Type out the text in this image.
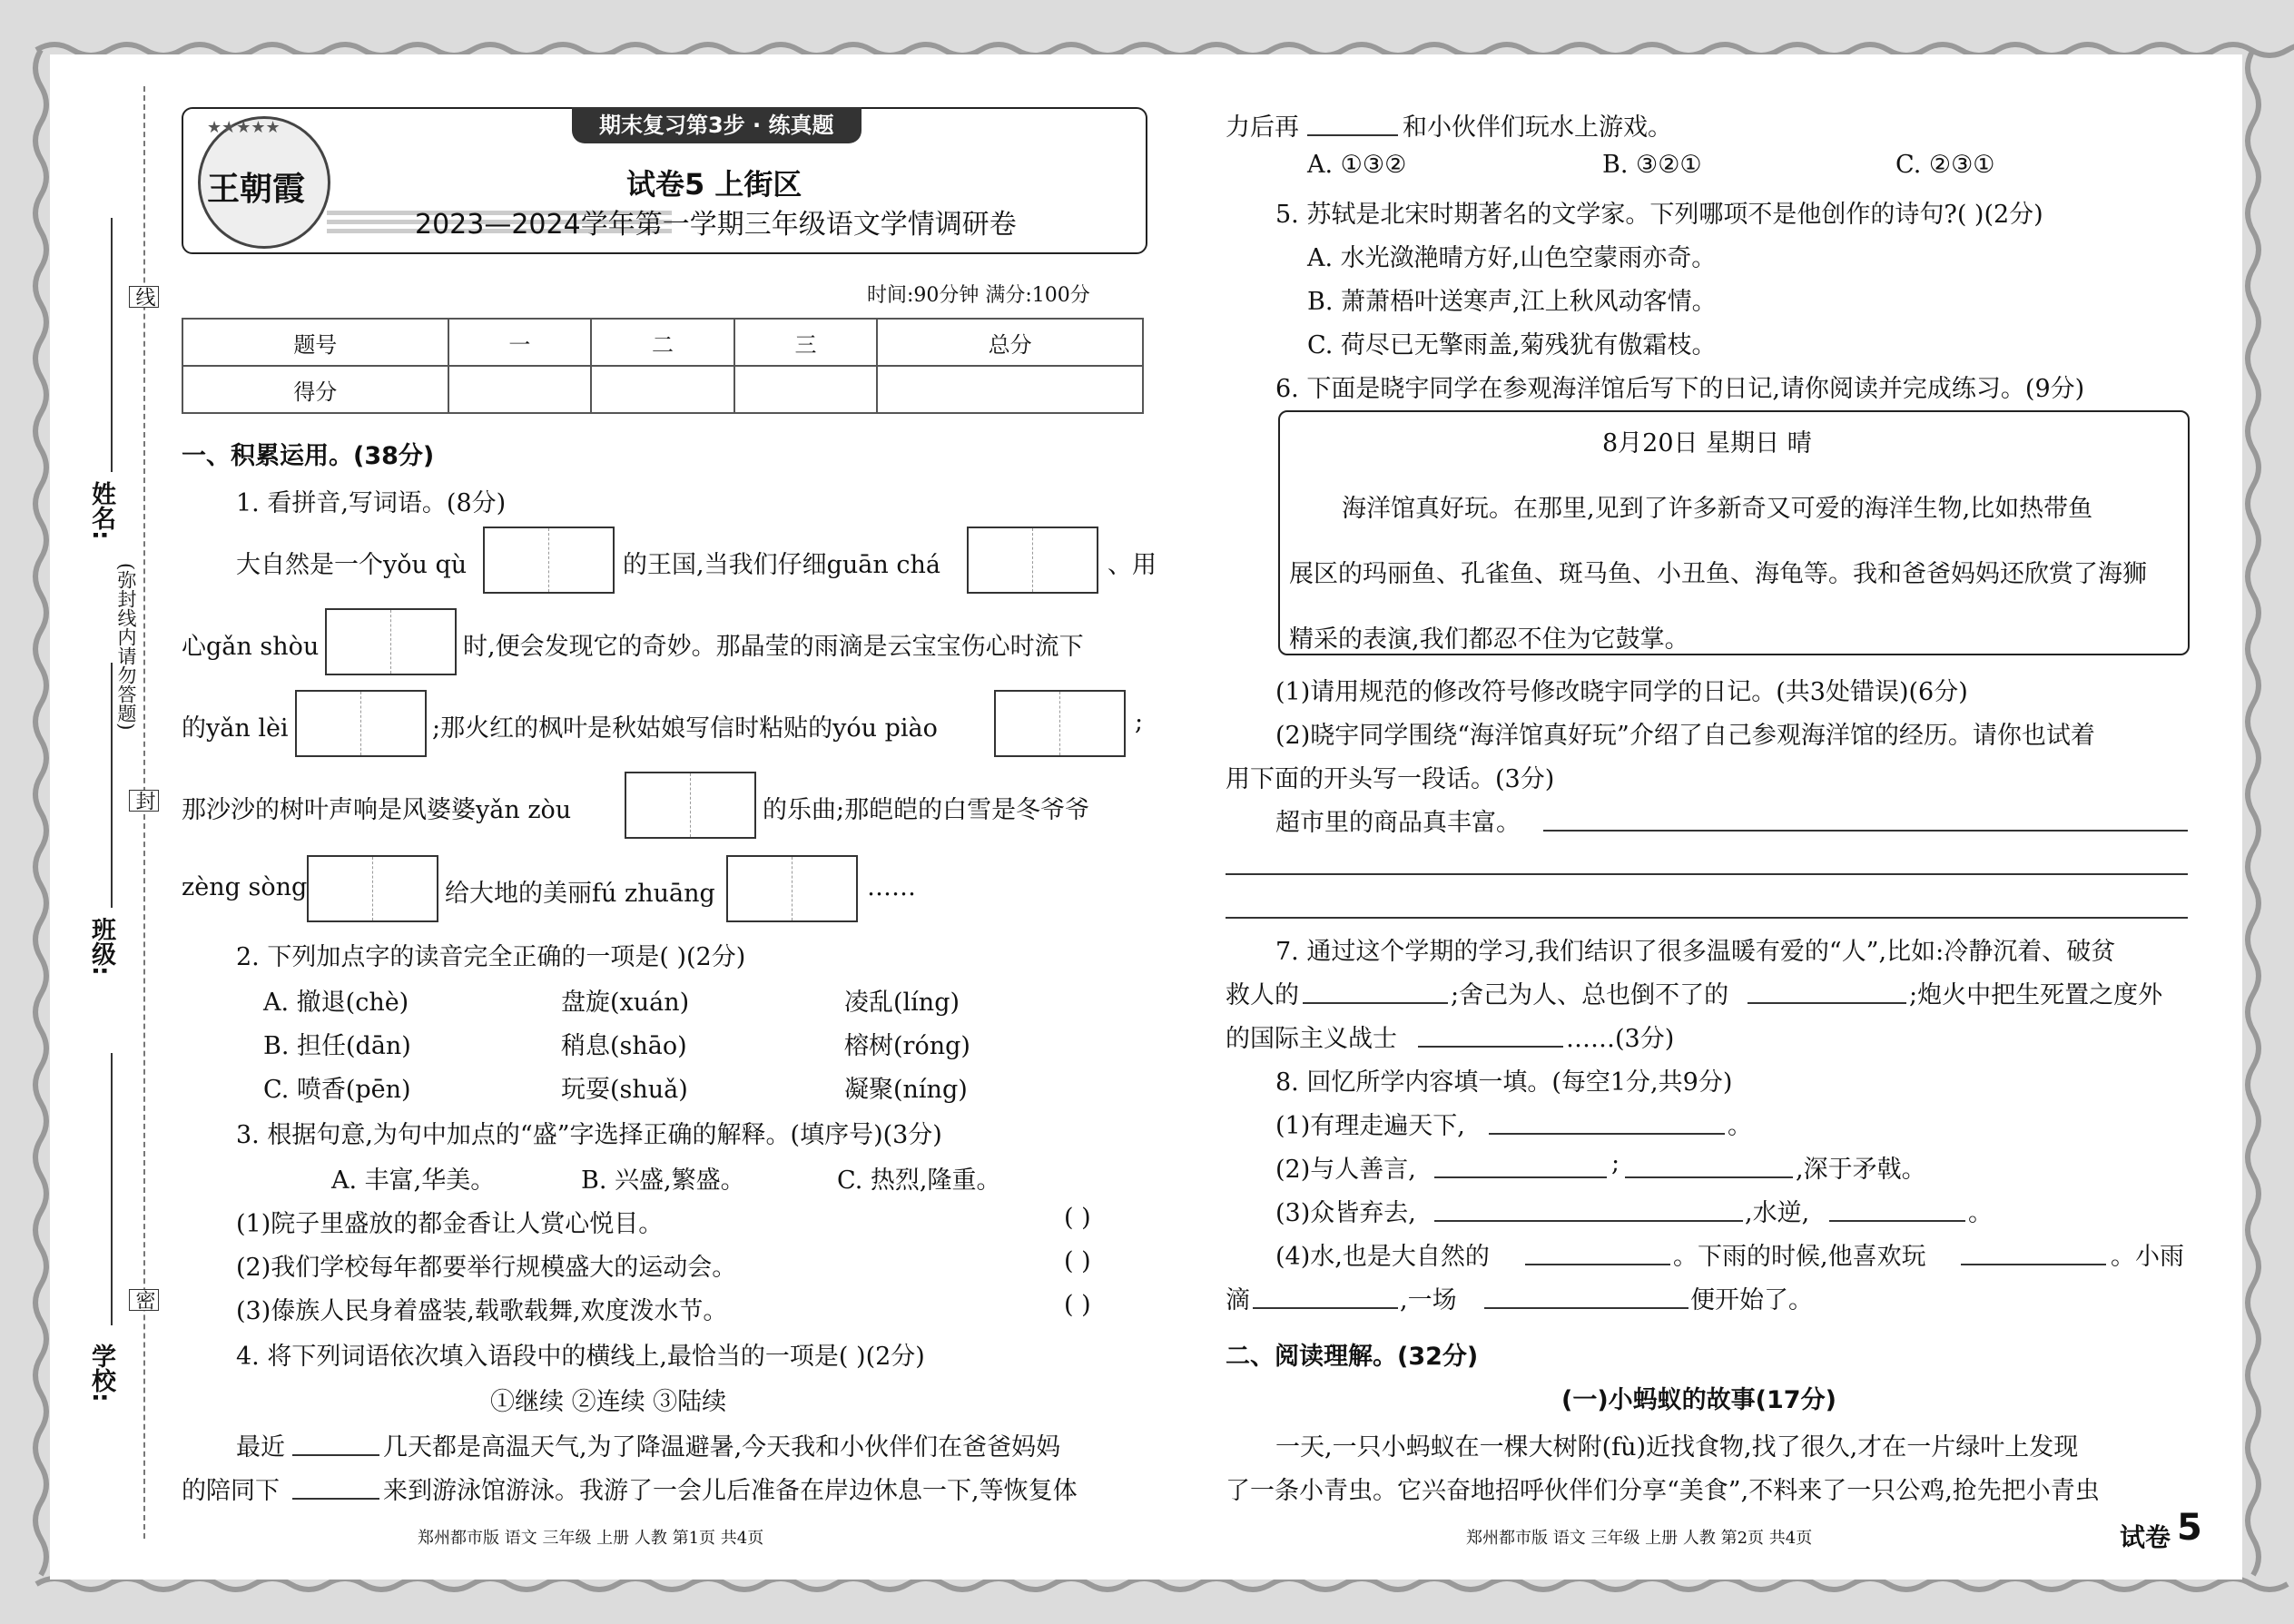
姓名:
班级:
学校:
线
封
密
(弥封线内请勿答题)
王朝霞
★★★★★	期末复习第3步 · 练真题
试卷5 上街区
2023—2024学年第一学期三年级语文学情调研卷
时间:90分钟 满分:100分
题号	一	二	三	总分
得分				
一、积累运用。(38分)
1. 看拼音,写词语。(8分)
大自然是一个yǒu qù	的王国,当我们仔细guān chá	、用
心gǎn shòu	时,便会发现它的奇妙。那晶莹的雨滴是云宝宝伤心时流下
的yǎn lèi	;那火红的枫叶是秋姑娘写信时粘贴的yóu piào	;
那沙沙的树叶声响是风婆婆yǎn zòu	的乐曲;那皑皑的白雪是冬爷爷
zèng sòng	给大地的美丽fú zhuāng	……
2. 下列加点字的读音完全正确的一项是( )(2分)
A. 撤退(chè)	盘旋(xuán)	凌乱(líng)
B. 担任(dān)	稍息(shāo)	榕树(róng)
C. 喷香(pēn)	玩耍(shuǎ)	凝聚(níng)
3. 根据句意,为句中加点的“盛”字选择正确的解释。(填序号)(3分)
A. 丰富,华美。	B. 兴盛,繁盛。	C. 热烈,隆重。
(1)院子里盛放的都金香让人赏心悦目。	( )
(2)我们学校每年都要举行规模盛大的运动会。	( )
(3)傣族人民身着盛装,载歌载舞,欢度泼水节。	( )
4. 将下列词语依次填入语段中的横线上,最恰当的一项是( )(2分)
①继续 ②连续 ③陆续
最近	几天都是高温天气,为了降温避暑,今天我和小伙伴们在爸爸妈妈
的陪同下	来到游泳馆游泳。我游了一会儿后准备在岸边休息一下,等恢复体
郑州都市版 语文 三年级 上册 人教 第1页 共4页
力后再	和小伙伴们玩水上游戏。
A. ①③②	B. ③②①	C. ②③①
5. 苏轼是北宋时期著名的文学家。下列哪项不是他创作的诗句?( )(2分)
A. 水光潋滟晴方好,山色空蒙雨亦奇。
B. 萧萧梧叶送寒声,江上秋风动客情。
C. 荷尽已无擎雨盖,菊残犹有傲霜枝。
6. 下面是晓宇同学在参观海洋馆后写下的日记,请你阅读并完成练习。(9分)
8月20日 星期日 晴
海洋馆真好玩。在那里,见到了许多新奇又可爱的海洋生物,比如热带鱼
展区的玛丽鱼、孔雀鱼、斑马鱼、小丑鱼、海龟等。我和爸爸妈妈还欣赏了海狮
精采的表演,我们都忍不住为它鼓掌。
(1)请用规范的修改符号修改晓宇同学的日记。(共3处错误)(6分)
(2)晓宇同学围绕“海洋馆真好玩”介绍了自己参观海洋馆的经历。请你也试着
用下面的开头写一段话。(3分)
超市里的商品真丰富。
7. 通过这个学期的学习,我们结识了很多温暖有爱的“人”,比如:冷静沉着、破贫
救人的	;舍己为人、总也倒不了的	;炮火中把生死置之度外
的国际主义战士	……(3分)
8. 回忆所学内容填一填。(每空1分,共9分)
(1)有理走遍天下,	。
(2)与人善言,	;	,深于矛戟。
(3)众皆弃去,	,水逆,	。
(4)水,也是大自然的	。下雨的时候,他喜欢玩	。小雨
滴	,一场	便开始了。
二、阅读理解。(32分)
(一)小蚂蚁的故事(17分)
一天,一只小蚂蚁在一棵大树附(fù)近找食物,找了很久,才在一片绿叶上发现
了一条小青虫。它兴奋地招呼伙伴们分享“美食”,不料来了一只公鸡,抢先把小青虫
郑州都市版 语文 三年级 上册 人教 第2页 共4页	试卷 5
